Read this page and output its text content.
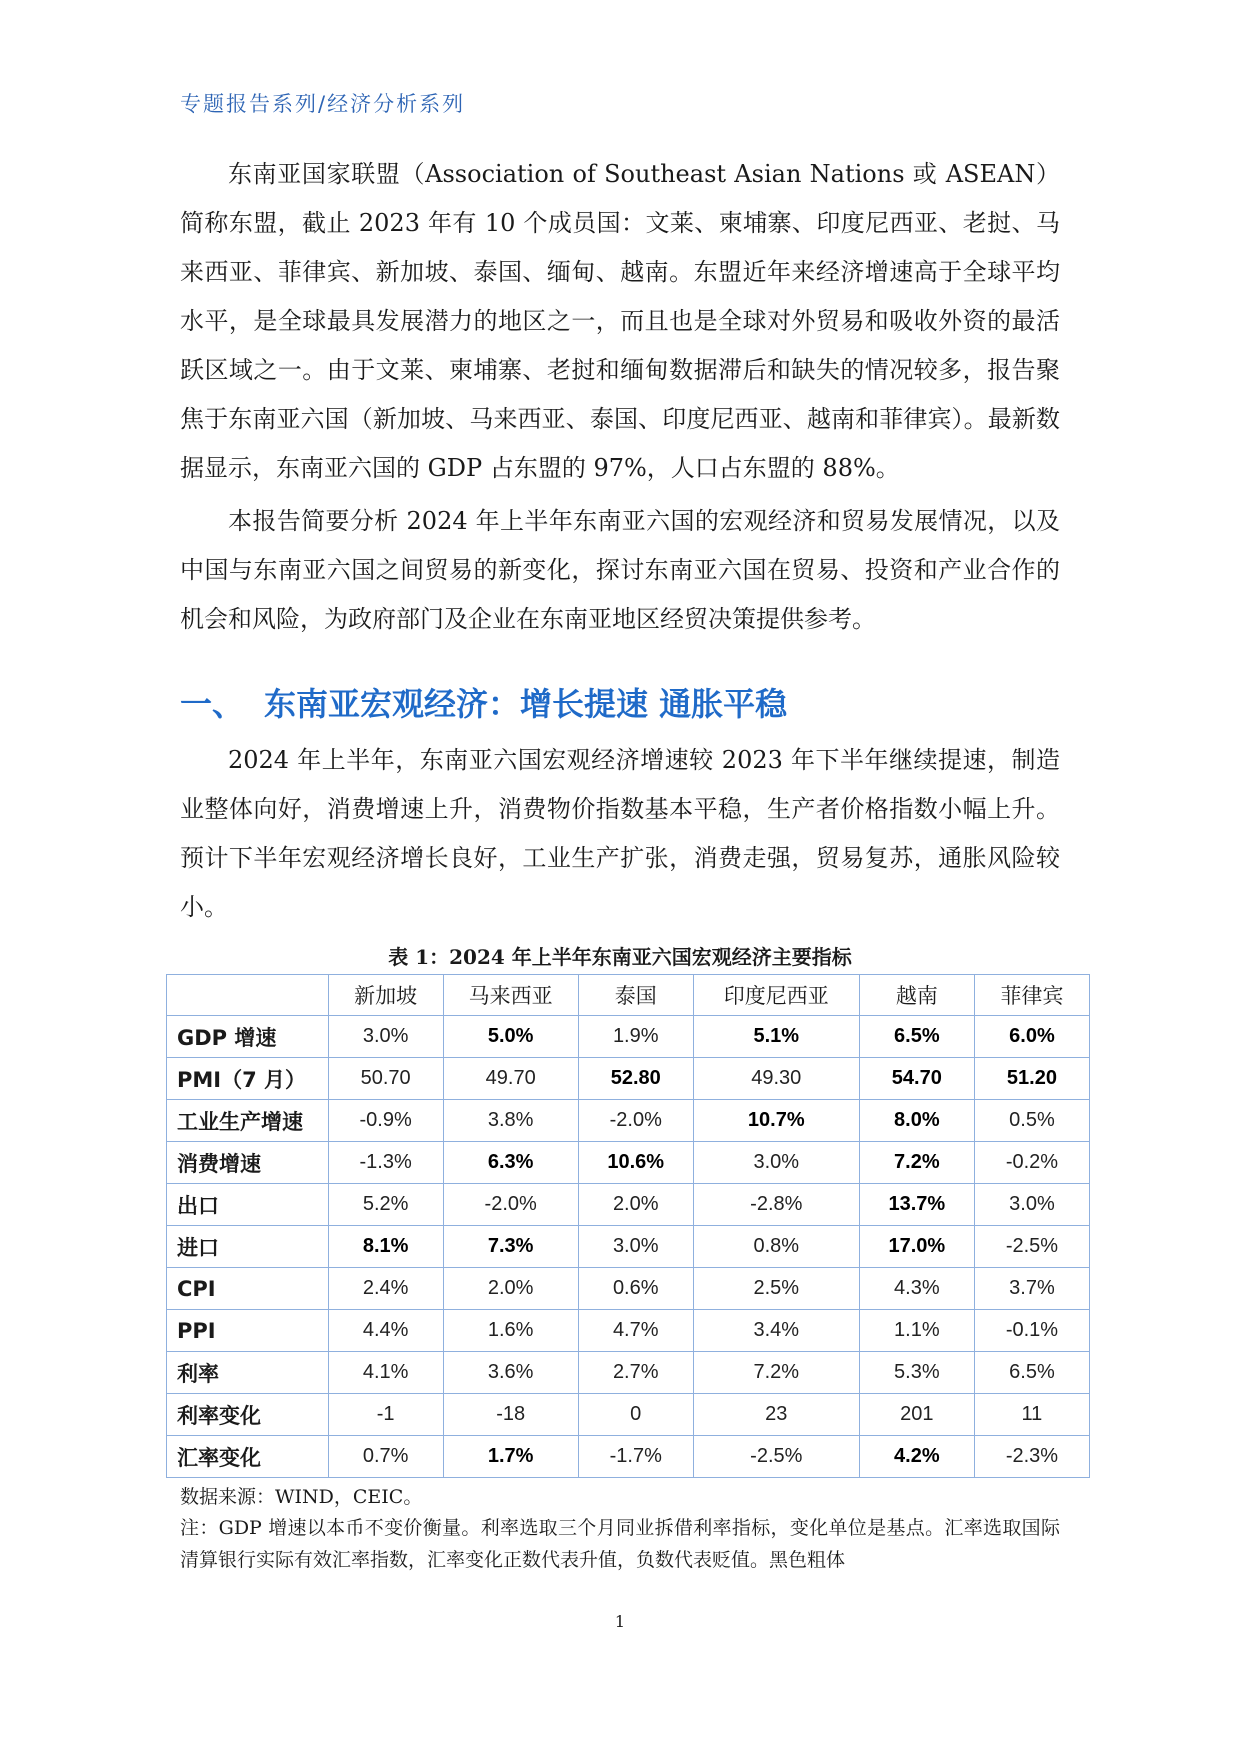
专题报告系列/经济分析系列

东南亚国家联盟（Association of Southeast Asian Nations 或 ASEAN）简称东盟，截止 2023 年有 10 个成员国：文莱、柬埔寨、印度尼西亚、老挝、马来西亚、菲律宾、新加坡、泰国、缅甸、越南。东盟近年来经济增速高于全球平均水平，是全球最具发展潜力的地区之一，而且也是全球对外贸易和吸收外资的最活跃区域之一。由于文莱、柬埔寨、老挝和缅甸数据滞后和缺失的情况较多，报告聚焦于东南亚六国（新加坡、马来西亚、泰国、印度尼西亚、越南和菲律宾）。最新数据显示，东南亚六国的 GDP 占东盟的 97%，人口占东盟的 88%。

本报告简要分析 2024 年上半年东南亚六国的宏观经济和贸易发展情况，以及中国与东南亚六国之间贸易的新变化，探讨东南亚六国在贸易、投资和产业合作的机会和风险，为政府部门及企业在东南亚地区经贸决策提供参考。

一、 东南亚宏观经济：增长提速 通胀平稳

2024 年上半年，东南亚六国宏观经济增速较 2023 年下半年继续提速，制造业整体向好，消费增速上升，消费物价指数基本平稳，生产者价格指数小幅上升。预计下半年宏观经济增长良好，工业生产扩张，消费走强，贸易复苏，通胀风险较小。

表 1：2024 年上半年东南亚六国宏观经济主要指标
	新加坡	马来西亚	泰国	印度尼西亚	越南	菲律宾
GDP 增速	3.0%	5.0%	1.9%	5.1%	6.5%	6.0%
PMI（7 月）	50.70	49.70	52.80	49.30	54.70	51.20
工业生产增速	-0.9%	3.8%	-2.0%	10.7%	8.0%	0.5%
消费增速	-1.3%	6.3%	10.6%	3.0%	7.2%	-0.2%
出口	5.2%	-2.0%	2.0%	-2.8%	13.7%	3.0%
进口	8.1%	7.3%	3.0%	0.8%	17.0%	-2.5%
CPI	2.4%	2.0%	0.6%	2.5%	4.3%	3.7%
PPI	4.4%	1.6%	4.7%	3.4%	1.1%	-0.1%
利率	4.1%	3.6%	2.7%	7.2%	5.3%	6.5%
利率变化	-1	-18	0	23	201	11
汇率变化	0.7%	1.7%	-1.7%	-2.5%	4.2%	-2.3%
数据来源：WIND，CEIC。
注：GDP 增速以本币不变价衡量。利率选取三个月同业拆借利率指标，变化单位是基点。汇率选取国际清算银行实际有效汇率指数，汇率变化正数代表升值，负数代表贬值。黑色粗体
1
